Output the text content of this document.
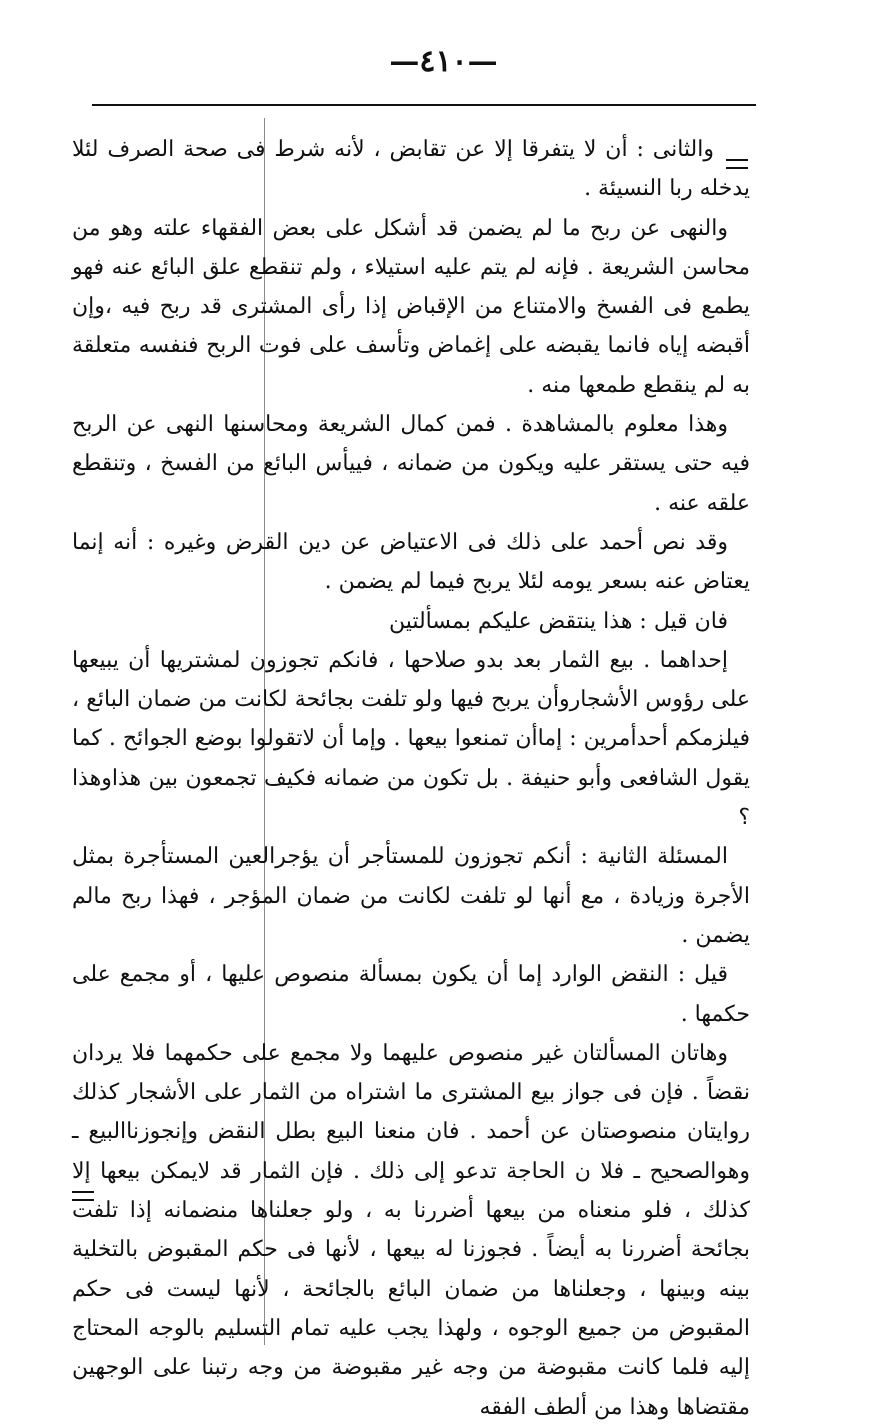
—٤١٠—

والثانى : أن لا يتفرقا إلا عن تقابض ، لأنه شرط فى صحة الصرف لئلا يدخله ربا النسيئة .

والنهى عن ربح ما لم يضمن قد أشكل على بعض الفقهاء علته وهو من محاسن الشريعة . فإنه لم يتم عليه استيلاء ، ولم تنقطع علق البائع عنه فهو يطمع فى الفسخ والامتناع من الإقباض إذا رأى المشترى قد ربح فيه ،وإن أقبضه إياه فانما يقبضه على إغماض وتأسف على فوت الربح فنفسه متعلقة به لم ينقطع طمعها منه .

وهذا معلوم بالمشاهدة . فمن كمال الشريعة ومحاسنها النهى عن الربح فيه حتى يستقر عليه ويكون من ضمانه ، فييأس البائع من الفسخ ، وتنقطع علقه عنه .

وقد نص أحمد على ذلك فى الاعتياض عن دين القرض وغيره : أنه إنما يعتاض عنه بسعر يومه لئلا يربح فيما لم يضمن .

فان قيل : هذا ينتقض عليكم بمسألتين

إحداهما . بيع الثمار بعد بدو صلاحها ، فانكم تجوزون لمشتريها أن يبيعها على رؤوس الأشجاروأن يربح فيها ولو تلفت بجائحة لكانت من ضمان البائع ، فيلزمكم أحدأمرين : إماأن تمنعوا بيعها . وإما أن لاتقولوا بوضع الجوائح . كما يقول الشافعى وأبو حنيفة . بل تكون من ضمانه فكيف تجمعون بين هذاوهذا ؟

المسئلة الثانية : أنكم تجوزون للمستأجر أن يؤجرالعين المستأجرة بمثل الأجرة وزيادة ، مع أنها لو تلفت لكانت من ضمان المؤجر ، فهذا ربح مالم يضمن .

قيل : النقض الوارد إما أن يكون بمسألة منصوص عليها ، أو مجمع على حكمها .

وهاتان المسألتان غير منصوص عليهما ولا مجمع على حكمهما فلا يردان نقضاً . فإن فى جواز بيع المشترى ما اشتراه من الثمار على الأشجار كذلك روايتان منصوصتان عن أحمد . فان منعنا البيع بطل النقض وإنجوزناالبيع ـ وهوالصحيح ـ فلا ن الحاجة تدعو إلى ذلك . فإن الثمار قد لايمكن بيعها إلا كذلك ، فلو منعناه من بيعها أضررنا به ، ولو جعلناها منضمانه إذا تلفت بجائحة أضررنا به أيضاً . فجوزنا له بيعها ، لأنها فى حكم المقبوض بالتخلية بينه وبينها ، وجعلناها من ضمان البائع بالجائحة ، لأنها ليست فى حكم المقبوض من جميع الوجوه ، ولهذا يجب عليه تمام التسليم بالوجه المحتاج إليه فلما كانت مقبوضة من وجه غير مقبوضة من وجه رتبنا على الوجهين مقتضاها وهذا من ألطف الفقه
